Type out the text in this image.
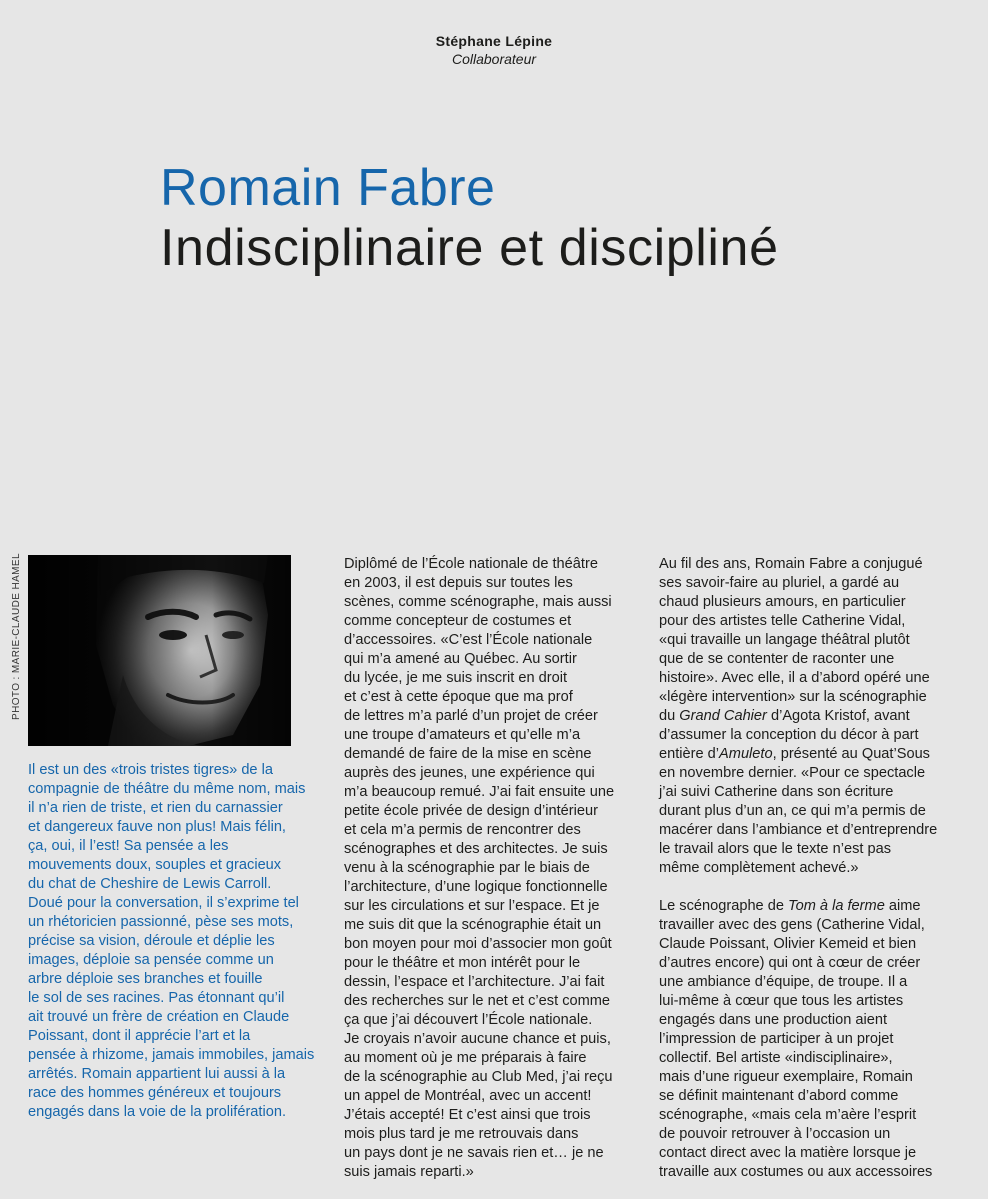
Stéphane Lépine
Collaborateur
Romain Fabre
Indisciplinaire et discipliné
PHOTO : MARIE-CLAUDE HAMEL
Il est un des «trois tristes tigres» de la
compagnie de théâtre du même nom, mais
il n’a rien de triste, et rien du carnassier
et dangereux fauve non plus! Mais félin,
ça, oui, il l’est! Sa pensée a les
mouvements doux, souples et gracieux
du chat de Cheshire de Lewis Carroll.
Doué pour la conversation, il s’exprime tel
un rhétoricien passionné, pèse ses mots,
précise sa vision, déroule et déplie les
images, déploie sa pensée comme un
arbre déploie ses branches et fouille
le sol de ses racines. Pas étonnant qu’il
ait trouvé un frère de création en Claude
Poissant, dont il apprécie l’art et la
pensée à rhizome, jamais immobiles, jamais
arrêtés. Romain appartient lui aussi à la
race des hommes généreux et toujours
engagés dans la voie de la prolifération.
Diplômé de l’École nationale de théâtre
en 2003, il est depuis sur toutes les
scènes, comme scénographe, mais aussi
comme concepteur de costumes et
d’accessoires. «C’est l’École nationale
qui m’a amené au Québec. Au sortir
du lycée, je me suis inscrit en droit
et c’est à cette époque que ma prof
de lettres m’a parlé d’un projet de créer
une troupe d’amateurs et qu’elle m’a
demandé de faire de la mise en scène
auprès des jeunes, une expérience qui
m’a beaucoup remué. J’ai fait ensuite une
petite école privée de design d’intérieur
et cela m’a permis de rencontrer des
scénographes et des architectes. Je suis
venu à la scénographie par le biais de
l’architecture, d’une logique fonctionnelle
sur les circulations et sur l’espace. Et je
me suis dit que la scénographie était un
bon moyen pour moi d’associer mon goût
pour le théâtre et mon intérêt pour le
dessin, l’espace et l’architecture. J’ai fait
des recherches sur le net et c’est comme
ça que j’ai découvert l’École nationale.
Je croyais n’avoir aucune chance et puis,
au moment où je me préparais à faire
de la scénographie au Club Med, j’ai reçu
un appel de Montréal, avec un accent!
J’étais accepté! Et c’est ainsi que trois
mois plus tard je me retrouvais dans
un pays dont je ne savais rien et… je ne
suis jamais reparti.»
Au fil des ans, Romain Fabre a conjugué
ses savoir-faire au pluriel, a gardé au
chaud plusieurs amours, en particulier
pour des artistes telle Catherine Vidal,
«qui travaille un langage théâtral plutôt
que de se contenter de raconter une
histoire». Avec elle, il a d’abord opéré une
«légère intervention» sur la scénographie
du Grand Cahier d’Agota Kristof, avant
d’assumer la conception du décor à part
entière d’Amuleto, présenté au Quat’Sous
en novembre dernier. «Pour ce spectacle
j’ai suivi Catherine dans son écriture
durant plus d’un an, ce qui m’a permis de
macérer dans l’ambiance et d’entreprendre
le travail alors que le texte n’est pas
même complètement achevé.»
Le scénographe de Tom à la ferme aime
travailler avec des gens (Catherine Vidal,
Claude Poissant, Olivier Kemeid et bien
d’autres encore) qui ont à cœur de créer
une ambiance d’équipe, de troupe. Il a
lui-même à cœur que tous les artistes
engagés dans une production aient
l’impression de participer à un projet
collectif. Bel artiste «indisciplinaire»,
mais d’une rigueur exemplaire, Romain
se définit maintenant d’abord comme
scénographe, «mais cela m’aère l’esprit
de pouvoir retrouver à l’occasion un
contact direct avec la matière lorsque je
travaille aux costumes ou aux accessoires
